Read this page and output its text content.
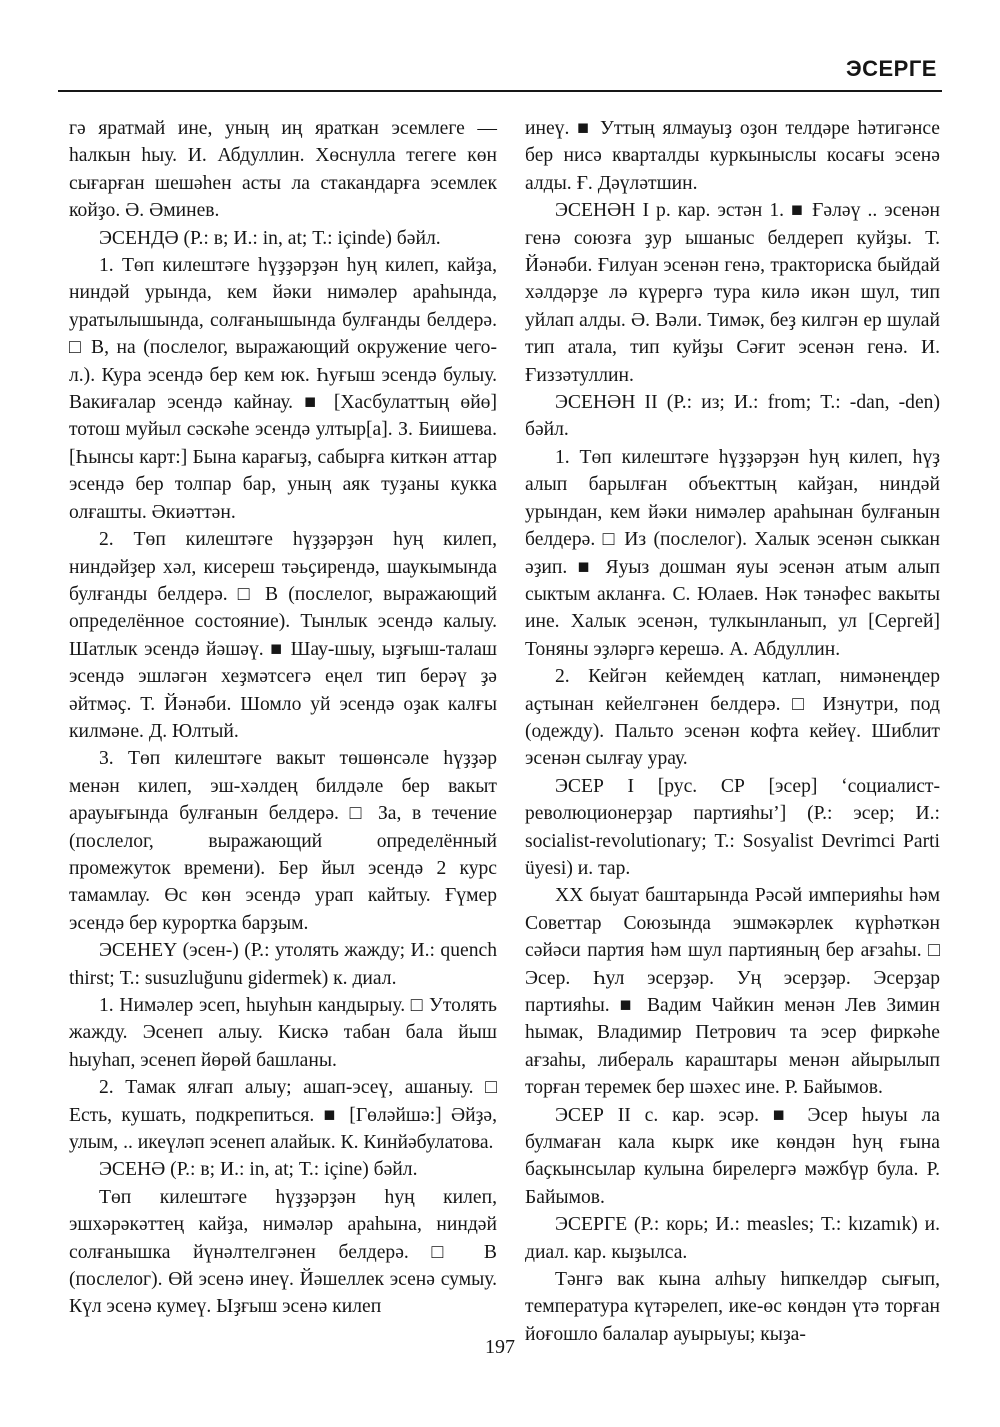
ЭСЕРГЕ

гә яратмай ине, уның иң яраткан эсемлеге — һалкын һыу. И. Абдуллин. Хөснулла тегеге көн сығарған шешәһен асты ла стакандарға эсемлек койҙо. Ә. Әминев.

ЭСЕНДӘ (Р.: в; И.: in, at; Т.: içinde) бәйл.

1. Төп килештәге һүҙҙәрҙән һуң килеп, кайҙа, ниндәй урында, кем йәки нимәлер араһында, уратылышында, солғанышында булғанды белдерә. □ В, на (послелог, выражающий окружение чего-л.). Кура эсендә бер кем юк. Һуғыш эсендә булыу. Вакиғалар эсендә кайнау. ■ [Хасбулаттың өйө] тотош муйыл сәскәһе эсендә ултыр[а]. З. Биишева. [Һынсы карт:] Бына карағыҙ, сабырға киткән аттар эсендә бер толпар бар, уның аяк туҙаны кукка олғашты. Әкиәттән.

2. Төп килештәге һүҙҙәрҙән һуң килеп, ниндәйҙер хәл, кисереш тәьҫирендә, шаукымында булғанды белдерә. □ В (послелог, выражающий определённое состояние). Тынлык эсендә калыу. Шатлык эсендә йәшәү. ■ Шау-шыу, ыҙғыш-талаш эсендә эшләгән хеҙмәтсегә еңел тип берәү ҙә әйтмәҫ. Т. Йәнәби. Шомло уй эсендә оҙак калғы килмәне. Д. Юлтый.

3. Төп килештәге вакыт төшөнсәле һүҙҙәр менән килеп, эш-хәлдең билдәле бер вакыт арауығында булғанын белдерә. □ За, в течение (послелог, выражающий определённый промежуток времени). Бер йыл эсендә 2 курс тамамлау. Өс көн эсендә урап кайтыу. Ғүмер эсендә бер курортка барҙым.

ЭСЕНЕҮ (эсен-) (Р.: утолять жажду; И.: quench thirst; Т.: susuzluğunu gidermek) к. диал.

1. Нимәлер эсеп, һыуһын кандырыу. □ Утолять жажду. Эсенеп алыу. Кискә табан бала йыш һыуһап, эсенеп йөрөй башланы.

2. Тамак ялғап алыу; ашап-эсеү, ашаныу. □ Есть, кушать, подкрепиться. ■ [Гөләйшә:] Әйҙә, улым, .. икеүләп эсенеп алайык. К. Кинйәбулатова.

ЭСЕНӘ (Р.: в; И.: in, at; Т.: içine) бәйл.

Төп килештәге һүҙҙәрҙән һуң килеп, эшхәрәкәттең кайҙа, нимәләр араһына, ниндәй солғанышка йүнәлтелгәнен белдерә. □ В (послелог). Өй эсенә инеү. Йәшеллек эсенә сумыу. Күл эсенә кумеү. Ыҙғыш эсенә килеп

инеү. ■ Уттың ялмауыҙ оҙон телдәре һәтигәнсе бер нисә кварталды куркыныслы косағы эсенә алды. Ғ. Дәүләтшин.

ЭСЕНӘН I р. кар. эстән 1. ■ Ғәләү .. эсенән генә союзға ҙур ышаныс белдереп куйҙы. Т. Йәнәби. Ғилуан эсенән генә, тракториска быйдай хәлдәрҙе лә күрергә тура килә икән шул, тип уйлап алды. Ә. Вәли. Тимәк, беҙ килгән ер шулай тип атала, тип куйҙы Сәғит эсенән генә. И. Ғиззәтуллин.

ЭСЕНӘН II (Р.: из; И.: from; Т.: -dan, -den) бәйл.

1. Төп килештәге һүҙҙәрҙән һуң килеп, һүҙ алып барылған объекттың кайҙан, ниндәй урындан, кем йәки нимәлер араһынан булғанын белдерә. □ Из (послелог). Халык эсенән сыккан әҙип. ■ Яуыз дошман яуы эсенән атым алып сыктым акланға. С. Юлаев. Нәк тәнәфес вакыты ине. Халык эсенән, тулкынланып, ул [Сергей] Тоняны эҙләргә керешә. А. Абдуллин.

2. Кейгән кейемдең катлап, нимәнеңдер аҫтынан кейелгәнен белдерә. □ Изнутри, под (одежду). Пальто эсенән кофта кейеү. Шиблит эсенән сылғау урау.

ЭСЕР I [рус. СР [эсер] ‘социалист-революционерҙар партияһы’] (Р.: эсер; И.: socialist-revolutionary; Т.: Sosyalist Devrimci Parti üyesi) и. тар.

XX быуат баштарында Рәсәй империяһы һәм Советтар Союзында эшмәкәрлек күрһәткән сәйәси партия һәм шул партияның бер ағзаһы. □ Эсер. Һул эсерҙәр. Уң эсерҙәр. Эсерҙар партияһы. ■ Вадим Чайкин менән Лев Зимин һымак, Владимир Петрович та эсер фиркәһе ағзаһы, либераль караштары менән айырылып торған теремек бер шәхес ине. Р. Байымов.

ЭСЕР II с. кар. эсәр. ■ Эсер һыуы ла булмаған кала кырк ике көндән һуң ғына баҫкынсылар кулына бирелергә мәжбүр була. Р. Байымов.

ЭСЕРГЕ (Р.: корь; И.: measles; Т.: kızamık) и. диал. кар. кыҙылса.

Тәнгә вак кына алһыу һипкелдәр сығып, температура күтәрелеп, ике-өс көндән үтә торған йоғошло балалар ауырыуы; кыҙа-

197
